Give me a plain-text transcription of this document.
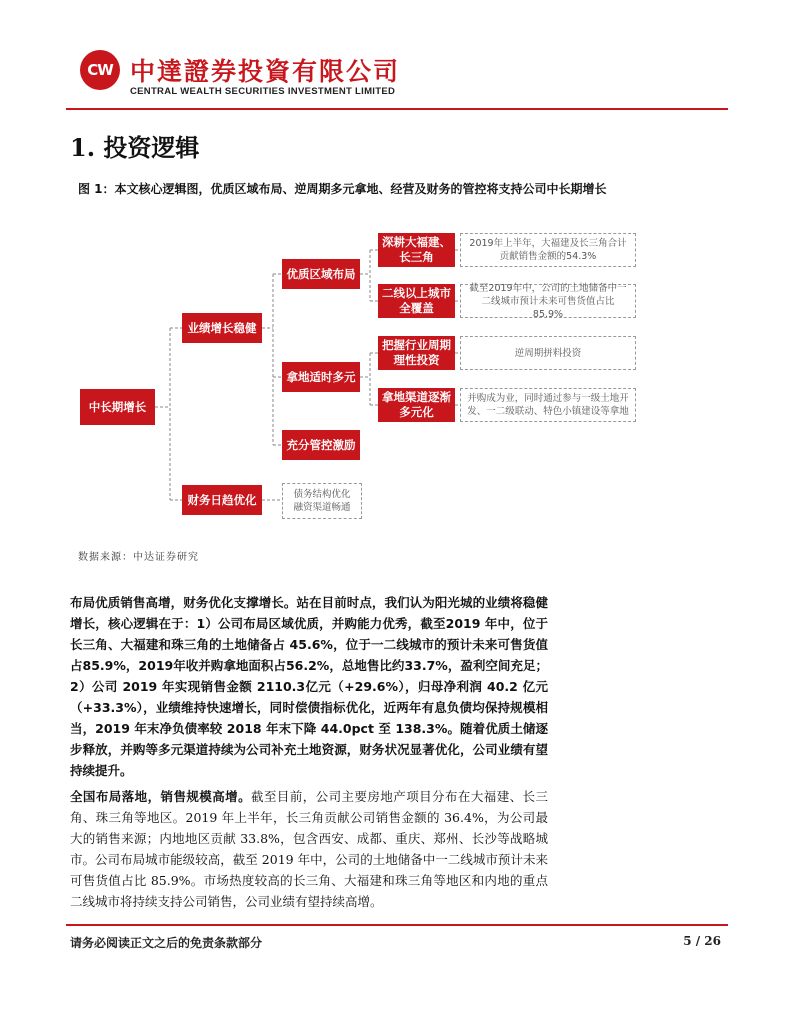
CW 中達證券投資有限公司
CENTRAL WEALTH SECURITIES INVESTMENT LIMITED
1. 投资逻辑
图 1：本文核心逻辑图，优质区域布局、逆周期多元拿地、经营及财务的管控将支持公司中长期增长
中长期增长
业绩增长稳健
财务日趋优化
优质区域布局
拿地适时多元
充分管控激励
深耕大福建、长三角
二线以上城市全覆盖
把握行业周期理性投资
拿地渠道逐渐多元化
2019年上半年，大福建及长三角合计贡献销售金额的54.3%
截至2019年中，公司的土地储备中一二线城市预计未来可售货值占比85.9%
逆周期拼料投资
并购成为业，同时通过参与一级土地开发、一二级联动、特色小镇建设等拿地
债务结构优化融资渠道畅通
数据来源：中达证券研究
布局优质销售高增，财务优化支撑增长。站在目前时点，我们认为阳光城的业绩将稳健增长，核心逻辑在于：1）公司布局区域优质，并购能力优秀，截至2019 年中，位于长三角、大福建和珠三角的土地储备占 45.6%，位于一二线城市的预计未来可售货值占85.9%，2019年收并购拿地面积占56.2%，总地售比约33.7%，盈利空间充足；2）公司 2019 年实现销售金额 2110.3亿元（+29.6%），归母净利润 40.2 亿元（+33.3%），业绩维持快速增长，同时偿债指标优化，近两年有息负债均保持规模相当，2019 年末净负债率较 2018 年末下降 44.0pct 至 138.3%。随着优质土储逐步释放，并购等多元渠道持续为公司补充土地资源，财务状况显著优化，公司业绩有望持续提升。
全国布局落地，销售规模高增。截至目前，公司主要房地产项目分布在大福建、长三角、珠三角等地区。2019 年上半年，长三角贡献公司销售金额的 36.4%，为公司最大的销售来源；内地地区贡献 33.8%，包含西安、成都、重庆、郑州、长沙等战略城市。公司布局城市能级较高，截至 2019 年中，公司的土地储备中一二线城市预计未来可售货值占比 85.9%。市场热度较高的长三角、大福建和珠三角等地区和内地的重点二线城市将持续支持公司销售，公司业绩有望持续高增。
请务必阅读正文之后的免责条款部分	5 / 26
